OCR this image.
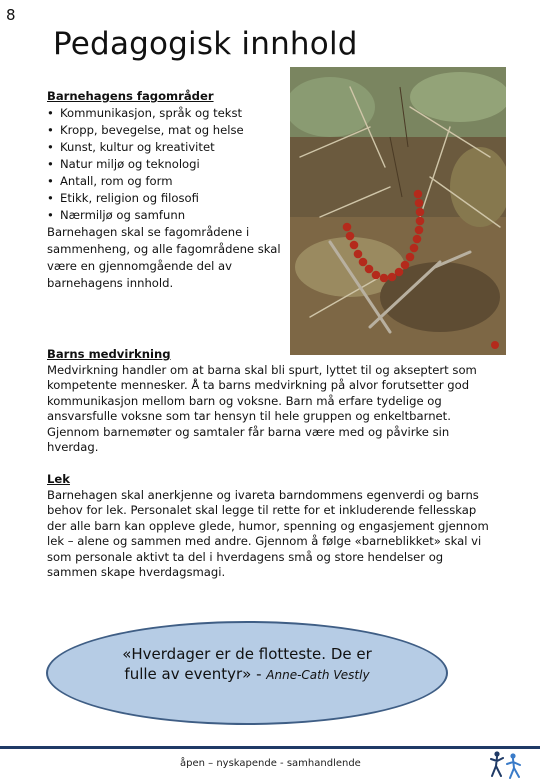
8
Pedagogisk innhold
Barnehagens fagområder
• Kommunikasjon, språk og tekst
• Kropp, bevegelse, mat og helse
• Kunst, kultur og kreativitet
• Natur miljø og teknologi
• Antall, rom og form
• Etikk, religion og filosofi
• Nærmiljø og samfunn
Barnehagen skal se fagområdene i sammenheng, og alle fagområdene skal være en gjennomgående del av barnehagens innhold.
Barns medvirkning
Medvirkning handler om at barna skal bli spurt, lyttet til og akseptert som kompetente mennesker. Å ta barns medvirkning på alvor forutsetter god kommunikasjon mellom barn og voksne. Barn må erfare tydelige og ansvarsfulle voksne som tar hensyn til hele gruppen og enkeltbarnet. Gjennom barnemøter og samtaler får barna være med og påvirke sin hverdag.
Lek
Barnehagen skal anerkjenne og ivareta barndommens egenverdi og barns behov for lek. Personalet skal legge til rette for et inkluderende fellesskap der alle barn kan oppleve glede, humor, spenning og engasjement gjennom lek – alene og sammen med andre. Gjennom å følge «barneblikket» skal vi som personale aktivt ta del i hverdagens små og store hendelser og sammen skape hverdagsmagi.
«Hverdager er de flotteste. De er
fulle av eventyr» - Anne-Cath Vestly
åpen – nyskapende - samhandlende
